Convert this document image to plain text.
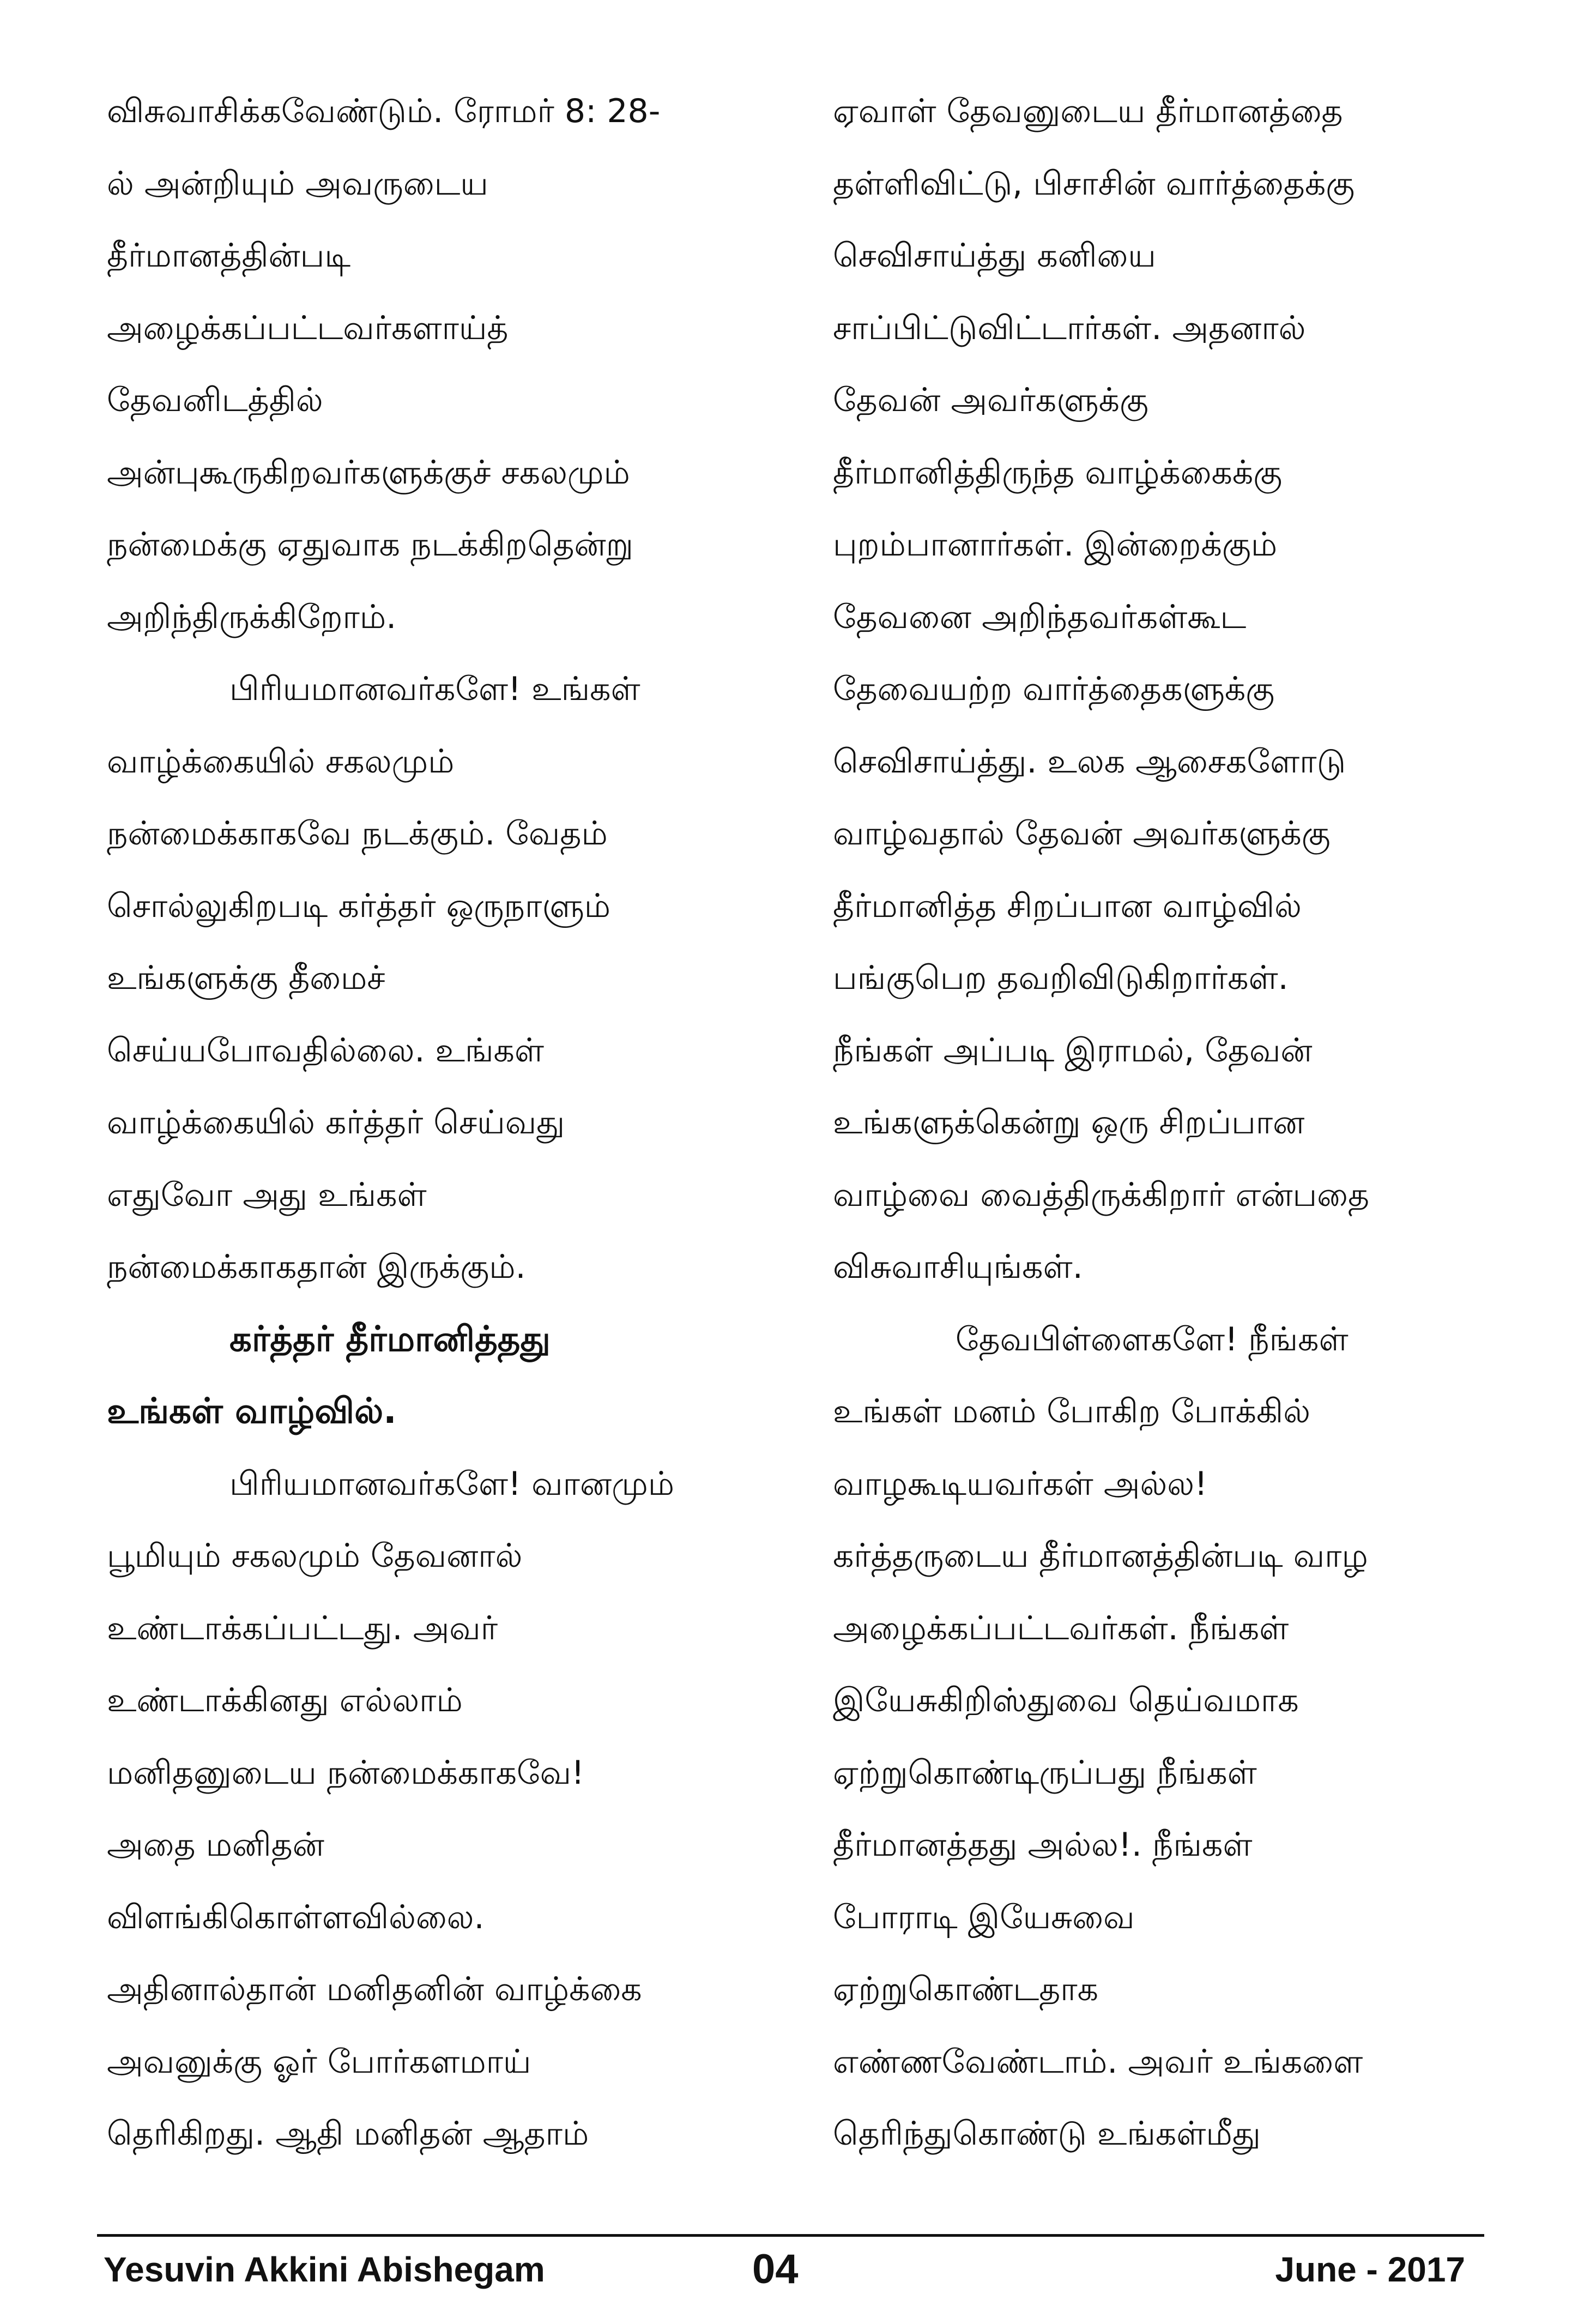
விசுவாசிக்கவேண்டும். ரோமர் 8: 28-
ல் அன்றியும் அவருடைய
தீர்மானத்தின்படி
அழைக்கப்பட்டவர்களாய்த்
தேவனிடத்தில்
அன்புகூருகிறவர்களுக்குச் சகலமும்
நன்மைக்கு ஏதுவாக நடக்கிறதென்று
அறிந்திருக்கிறோம்.
பிரியமானவர்களே! உங்கள்
வாழ்க்கையில் சகலமும்
நன்மைக்காகவே நடக்கும். வேதம்
சொல்லுகிறபடி கர்த்தர் ஒருநாளும்
உங்களுக்கு தீமைச்
செய்யபோவதில்லை. உங்கள்
வாழ்க்கையில் கர்த்தர் செய்வது
எதுவோ அது உங்கள்
நன்மைக்காகதான் இருக்கும்.
கர்த்தர் தீர்மானித்தது
உங்கள் வாழ்வில்.
பிரியமானவர்களே! வானமும்
பூமியும் சகலமும் தேவனால்
உண்டாக்கப்பட்டது. அவர்
உண்டாக்கினது எல்லாம்
மனிதனுடைய நன்மைக்காகவே!
அதை மனிதன்
விளங்கிகொள்ளவில்லை.
அதினால்தான் மனிதனின் வாழ்க்கை
அவனுக்கு ஓர் போர்களமாய்
தெரிகிறது. ஆதி மனிதன் ஆதாம்
ஏவாள் தேவனுடைய தீர்மானத்தை
தள்ளிவிட்டு, பிசாசின் வார்த்தைக்கு
செவிசாய்த்து கனியை
சாப்பிட்டுவிட்டார்கள். அதனால்
தேவன் அவர்களுக்கு
தீர்மானித்திருந்த வாழ்க்கைக்கு
புறம்பானார்கள். இன்றைக்கும்
தேவனை அறிந்தவர்கள்கூட
தேவையற்ற வார்த்தைகளுக்கு
செவிசாய்த்து. உலக ஆசைகளோடு
வாழ்வதால் தேவன் அவர்களுக்கு
தீர்மானித்த சிறப்பான வாழ்வில்
பங்குபெற தவறிவிடுகிறார்கள்.
நீங்கள் அப்படி இராமல், தேவன்
உங்களுக்கென்று ஒரு சிறப்பான
வாழ்வை வைத்திருக்கிறார் என்பதை
விசுவாசியுங்கள்.
தேவபிள்ளைகளே! நீங்கள்
உங்கள் மனம் போகிற போக்கில்
வாழகூடியவர்கள் அல்ல!
கர்த்தருடைய தீர்மானத்தின்படி வாழ
அழைக்கப்பட்டவர்கள். நீங்கள்
இயேசுகிறிஸ்துவை தெய்வமாக
ஏற்றுகொண்டிருப்பது நீங்கள்
தீர்மானத்தது அல்ல!. நீங்கள்
போராடி இயேசுவை
ஏற்றுகொண்டதாக
எண்ணவேண்டாம். அவர் உங்களை
தெரிந்துகொண்டு உங்கள்மீது
Yesuvin Akkini Abishegam	04	June - 2017
